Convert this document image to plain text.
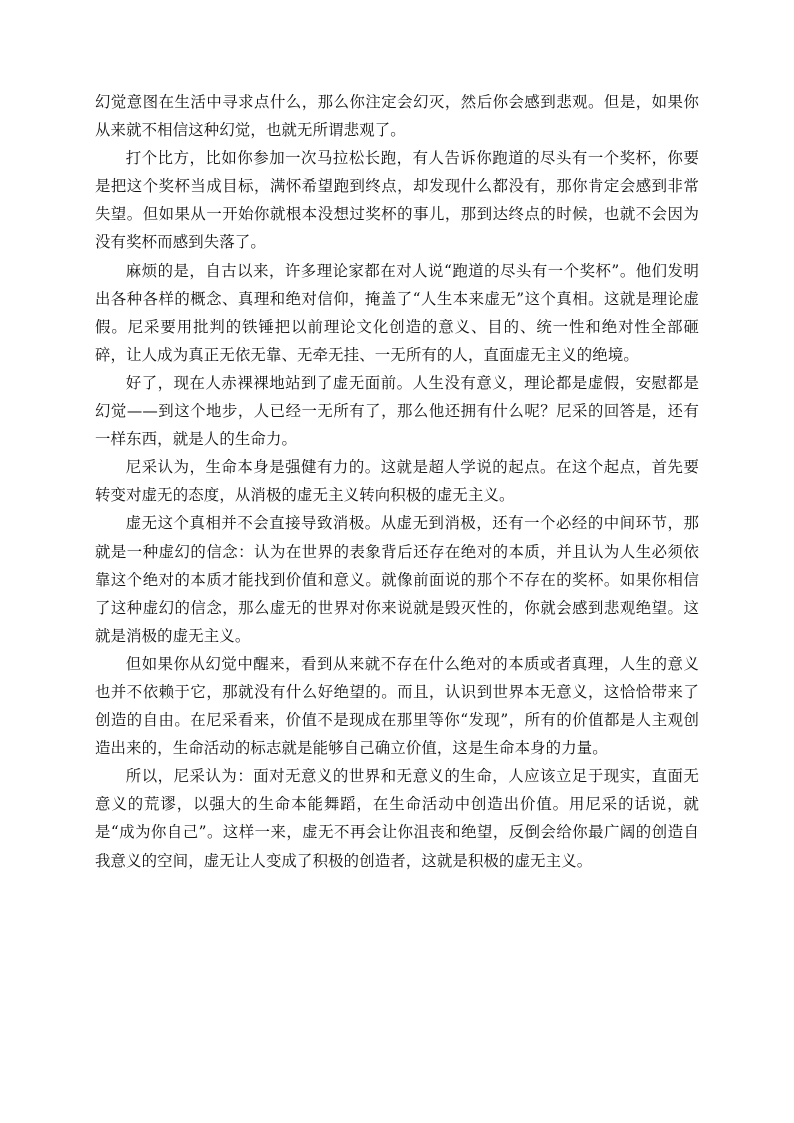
幻觉意图在生活中寻求点什么，那么你注定会幻灭，然后你会感到悲观。但是，如果你从来就不相信这种幻觉，也就无所谓悲观了。

打个比方，比如你参加一次马拉松长跑，有人告诉你跑道的尽头有一个奖杯，你要是把这个奖杯当成目标，满怀希望跑到终点，却发现什么都没有，那你肯定会感到非常失望。但如果从一开始你就根本没想过奖杯的事儿，那到达终点的时候，也就不会因为没有奖杯而感到失落了。

麻烦的是，自古以来，许多理论家都在对人说“跑道的尽头有一个奖杯”。他们发明出各种各样的概念、真理和绝对信仰，掩盖了“人生本来虚无”这个真相。这就是理论虚假。尼采要用批判的铁锤把以前理论文化创造的意义、目的、统一性和绝对性全部砸碎，让人成为真正无依无靠、无牵无挂、一无所有的人，直面虚无主义的绝境。

好了，现在人赤裸裸地站到了虚无面前。人生没有意义，理论都是虚假，安慰都是幻觉——到这个地步，人已经一无所有了，那么他还拥有什么呢？尼采的回答是，还有一样东西，就是人的生命力。

尼采认为，生命本身是强健有力的。这就是超人学说的起点。在这个起点，首先要转变对虚无的态度，从消极的虚无主义转向积极的虚无主义。

虚无这个真相并不会直接导致消极。从虚无到消极，还有一个必经的中间环节，那就是一种虚幻的信念：认为在世界的表象背后还存在绝对的本质，并且认为人生必须依靠这个绝对的本质才能找到价值和意义。就像前面说的那个不存在的奖杯。如果你相信了这种虚幻的信念，那么虚无的世界对你来说就是毁灭性的，你就会感到悲观绝望。这就是消极的虚无主义。

但如果你从幻觉中醒来，看到从来就不存在什么绝对的本质或者真理，人生的意义也并不依赖于它，那就没有什么好绝望的。而且，认识到世界本无意义，这恰恰带来了创造的自由。在尼采看来，价值不是现成在那里等你“发现”，所有的价值都是人主观创造出来的，生命活动的标志就是能够自己确立价值，这是生命本身的力量。

所以，尼采认为：面对无意义的世界和无意义的生命，人应该立足于现实，直面无意义的荒谬，以强大的生命本能舞蹈，在生命活动中创造出价值。用尼采的话说，就是“成为你自己”。这样一来，虚无不再会让你沮丧和绝望，反倒会给你最广阔的创造自我意义的空间，虚无让人变成了积极的创造者，这就是积极的虚无主义。
